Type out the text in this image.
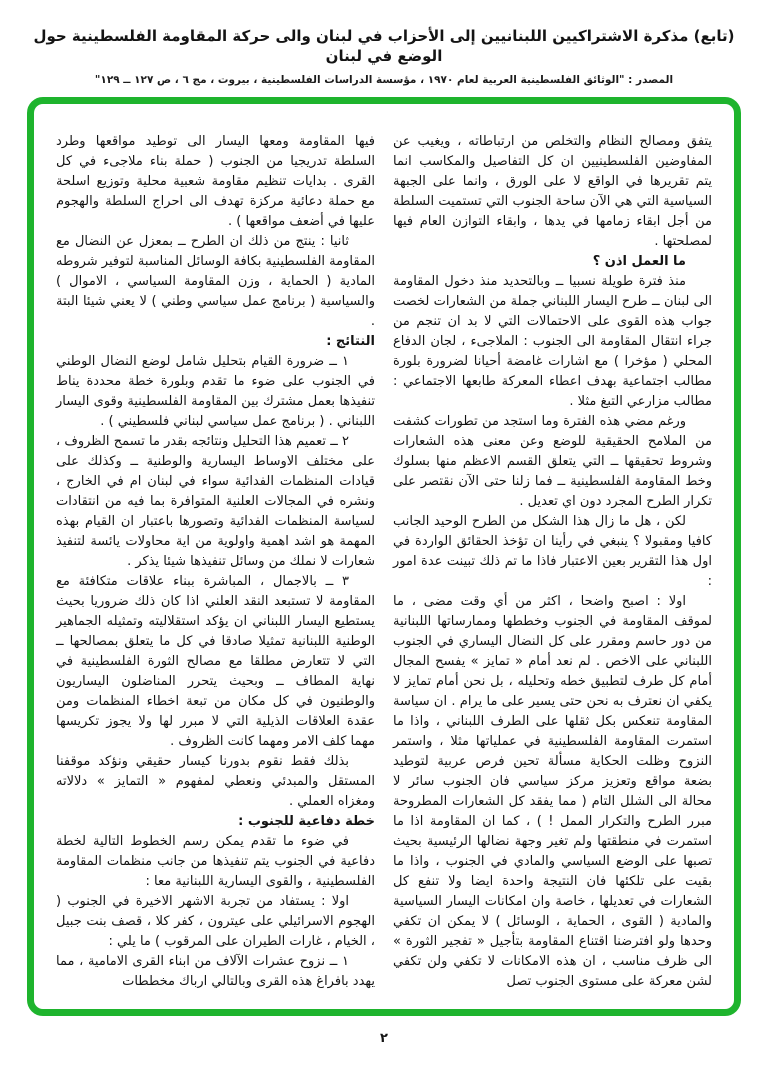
(تابع) مذكرة الاشتراكيين اللبنانيين إلى الأحزاب في لبنان والى حركة المقاومة الفلسطينية حول الوضع في لبنان
المصدر : "الوثائق الفلسطينية العربية لعام ١٩٧٠ ، مؤسسة الدراسات الفلسطينية ، بيروت ، مج ٦ ، ص ١٢٧ ــ ١٢٩"

يتفق ومصالح النظام والتخلص من ارتباطاته ، ويغيب عن المفاوضين الفلسطينيين ان كل التفاصيل والمكاسب انما يتم تقريرها في الواقع لا على الورق ، وانما على الجبهة السياسية التي هي الآن ساحة الجنوب التي تستميت السلطة من أجل ابقاء زمامها في يدها ، وابقاء التوازن العام فيها لمصلحتها .

ما العمل اذن ؟

منذ فترة طويلة نسبيا ــ وبالتحديد منذ دخول المقاومة الى لبنان ــ طرح اليسار اللبناني جملة من الشعارات لخصت جواب هذه القوى على الاحتمالات التي لا بد ان تنجم من جراء انتقال المقاومة الى الجنوب : الملاجىء ، لجان الدفاع المحلي ( مؤخرا ) مع اشارات غامضة أحيانا لضرورة بلورة مطالب اجتماعية بهدف اعطاء المعركة طابعها الاجتماعي : مطالب مزارعي التبغ مثلا .

ورغم مضي هذه الفترة وما استجد من تطورات كشفت من الملامح الحقيقية للوضع وعن معنى هذه الشعارات وشروط تحقيقها ــ التي يتعلق القسم الاعظم منها بسلوك وخط المقاومة الفلسطينية ــ فما زلنا حتى الآن نقتصر على تكرار الطرح المجرد دون اي تعديل .

لكن ، هل ما زال هذا الشكل من الطرح الوحيد الجانب كافيا ومقبولا ؟ ينبغي في رأينا ان تؤخذ الحقائق الواردة في اول هذا التقرير بعين الاعتبار فاذا ما تم ذلك تبينت عدة امور :

اولا : اصبح واضحا ، اكثر من أي وقت مضى ، ما لموقف المقاومة في الجنوب وخططها وممارساتها اللبنانية من دور حاسم ومقرر على كل النضال اليساري في الجنوب اللبناني على الاخص . لم نعد أمام « تمايز » يفسح المجال أمام كل طرف لتطبيق خطه وتحليله ، بل نحن أمام تمايز لا يكفي ان نعترف به نحن حتى يسير على ما يرام . ان سياسة المقاومة تنعكس بكل ثقلها على الطرف اللبناني ، واذا ما استمرت المقاومة الفلسطينية في عملياتها مثلا ، واستمر النزوح وظلت الحكاية مسألة تحين فرص عربية لتوطيد بضعة مواقع وتعزيز مركز سياسي فان الجنوب سائر لا محالة الى الشلل التام ( مما يفقد كل الشعارات المطروحة مبرر الطرح والتكرار الممل ! ) ، كما ان المقاومة اذا ما استمرت في منطقتها ولم تغير وجهة نضالها الرئيسية بحيث تصبها على الوضع السياسي والمادي في الجنوب ، واذا ما بقيت على تلكئها فان النتيجة واحدة ايضا ولا تنفع كل الشعارات في تعديلها ، خاصة وان امكانات اليسار السياسية والمادية ( القوى ، الحماية ، الوسائل ) لا يمكن ان تكفي وحدها ولو افترضنا اقتناع المقاومة بتأجيل « تفجير الثورة » الى ظرف مناسب ، ان هذه الامكانات لا تكفي ولن تكفي لشن معركة على مستوى الجنوب تصل

فيها المقاومة ومعها اليسار الى توطيد مواقعها وطرد السلطة تدريجيا من الجنوب ( حملة بناء ملاجىء في كل القرى . بدايات تنظيم مقاومة شعبية محلية وتوزيع اسلحة مع حملة دعائية مركزة تهدف الى احراج السلطة والهجوم عليها في أضعف مواقعها ) .

ثانيا : ينتج من ذلك ان الطرح ــ بمعزل عن النضال مع المقاومة الفلسطينية بكافة الوسائل المناسبة لتوفير شروطه المادية ( الحماية ، وزن المقاومة السياسي ، الاموال ) والسياسية ( برنامج عمل سياسي وطني ) لا يعني شيئا البتة .

النتائج :

١ ــ ضرورة القيام بتحليل شامل لوضع النضال الوطني في الجنوب على ضوء ما تقدم وبلورة خطة محددة يناط تنفيذها بعمل مشترك بين المقاومة الفلسطينية وقوى اليسار اللبناني . ( برنامج عمل سياسي لبناني فلسطيني ) .

٢ ــ تعميم هذا التحليل ونتائجه بقدر ما تسمح الظروف ، على مختلف الاوساط اليسارية والوطنية ــ وكذلك على قيادات المنظمات الفدائية سواء في لبنان ام في الخارج ، ونشره في المجالات العلنية المتوافرة بما فيه من انتقادات لسياسة المنظمات الفدائية وتصورها باعتبار ان القيام بهذه المهمة هو اشد اهمية واولوية من اية محاولات يائسة لتنفيذ شعارات لا نملك من وسائل تنفيذها شيئا يذكر .

٣ ــ بالاجمال ، المباشرة ببناء علاقات متكافئة مع المقاومة لا تستبعد النقد العلني اذا كان ذلك ضروريا بحيث يستطيع اليسار اللبناني ان يؤكد استقلاليته وتمثيله الجماهير الوطنية اللبنانية تمثيلا صادقا في كل ما يتعلق بمصالحها ــ التي لا تتعارض مطلقا مع مصالح الثورة الفلسطينية في نهاية المطاف ــ وبحيث يتحرر المناضلون اليساريون والوطنيون في كل مكان من تبعة اخطاء المنظمات ومن عقدة العلاقات الذيلية التي لا مبرر لها ولا يجوز تكريسها مهما كلف الامر ومهما كانت الظروف .

بذلك فقط نقوم بدورنا كيسار حقيقي ونؤكد موقفنا المستقل والمبدئي ونعطي لمفهوم « التمايز » دلالاته ومغزاه العملي .

خطة دفاعية للجنوب :

في ضوء ما تقدم يمكن رسم الخطوط التالية لخطة دفاعية في الجنوب يتم تنفيذها من جانب منظمات المقاومة الفلسطينية ، والقوى اليسارية اللبنانية معا :

اولا : يستفاد من تجربة الاشهر الاخيرة في الجنوب ( الهجوم الاسرائيلي على عيترون ، كفر كلا ، قصف بنت جبيل ، الخيام ، غارات الطيران على المرقوب ) ما يلي :

١ ــ نزوح عشرات الآلاف من ابناء القرى الامامية ، مما يهدد بافراغ هذه القرى وبالتالي ارباك مخططات

٢
